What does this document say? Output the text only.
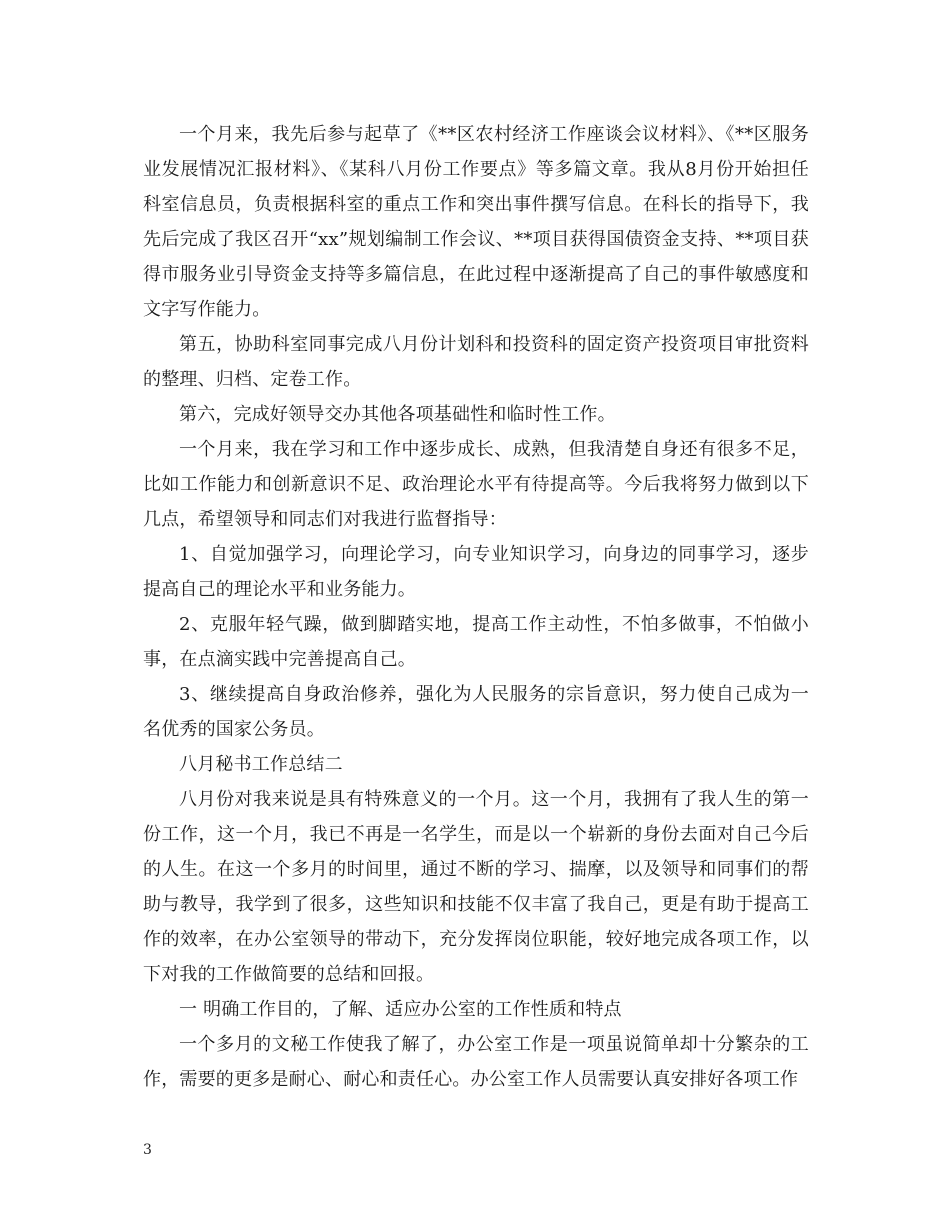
一个月来，我先后参与起草了《**区农村经济工作座谈会议材料》、《**区服务业发展情况汇报材料》、《某科八月份工作要点》等多篇文章。我从8月份开始担任科室信息员，负责根据科室的重点工作和突出事件撰写信息。在科长的指导下，我先后完成了我区召开“xx”规划编制工作会议、**项目获得国债资金支持、**项目获得市服务业引导资金支持等多篇信息，在此过程中逐渐提高了自己的事件敏感度和文字写作能力。

第五，协助科室同事完成八月份计划科和投资科的固定资产投资项目审批资料的整理、归档、定卷工作。

第六，完成好领导交办其他各项基础性和临时性工作。

一个月来，我在学习和工作中逐步成长、成熟，但我清楚自身还有很多不足，比如工作能力和创新意识不足、政治理论水平有待提高等。今后我将努力做到以下几点，希望领导和同志们对我进行监督指导：

1、自觉加强学习，向理论学习，向专业知识学习，向身边的同事学习，逐步提高自己的理论水平和业务能力。

2、克服年轻气躁，做到脚踏实地，提高工作主动性，不怕多做事，不怕做小事，在点滴实践中完善提高自己。

3、继续提高自身政治修养，强化为人民服务的宗旨意识，努力使自己成为一名优秀的国家公务员。

八月秘书工作总结二

八月份对我来说是具有特殊意义的一个月。这一个月，我拥有了我人生的第一份工作，这一个月，我已不再是一名学生，而是以一个崭新的身份去面对自己今后的人生。在这一个多月的时间里，通过不断的学习、揣摩，以及领导和同事们的帮助与教导，我学到了很多，这些知识和技能不仅丰富了我自己，更是有助于提高工作的效率，在办公室领导的带动下，充分发挥岗位职能，较好地完成各项工作，以下对我的工作做简要的总结和回报。

一 明确工作目的，了解、适应办公室的工作性质和特点

一个多月的文秘工作使我了解了，办公室工作是一项虽说简单却十分繁杂的工作，需要的更多是耐心、耐心和责任心。办公室工作人员需要认真安排好各项工作

3
